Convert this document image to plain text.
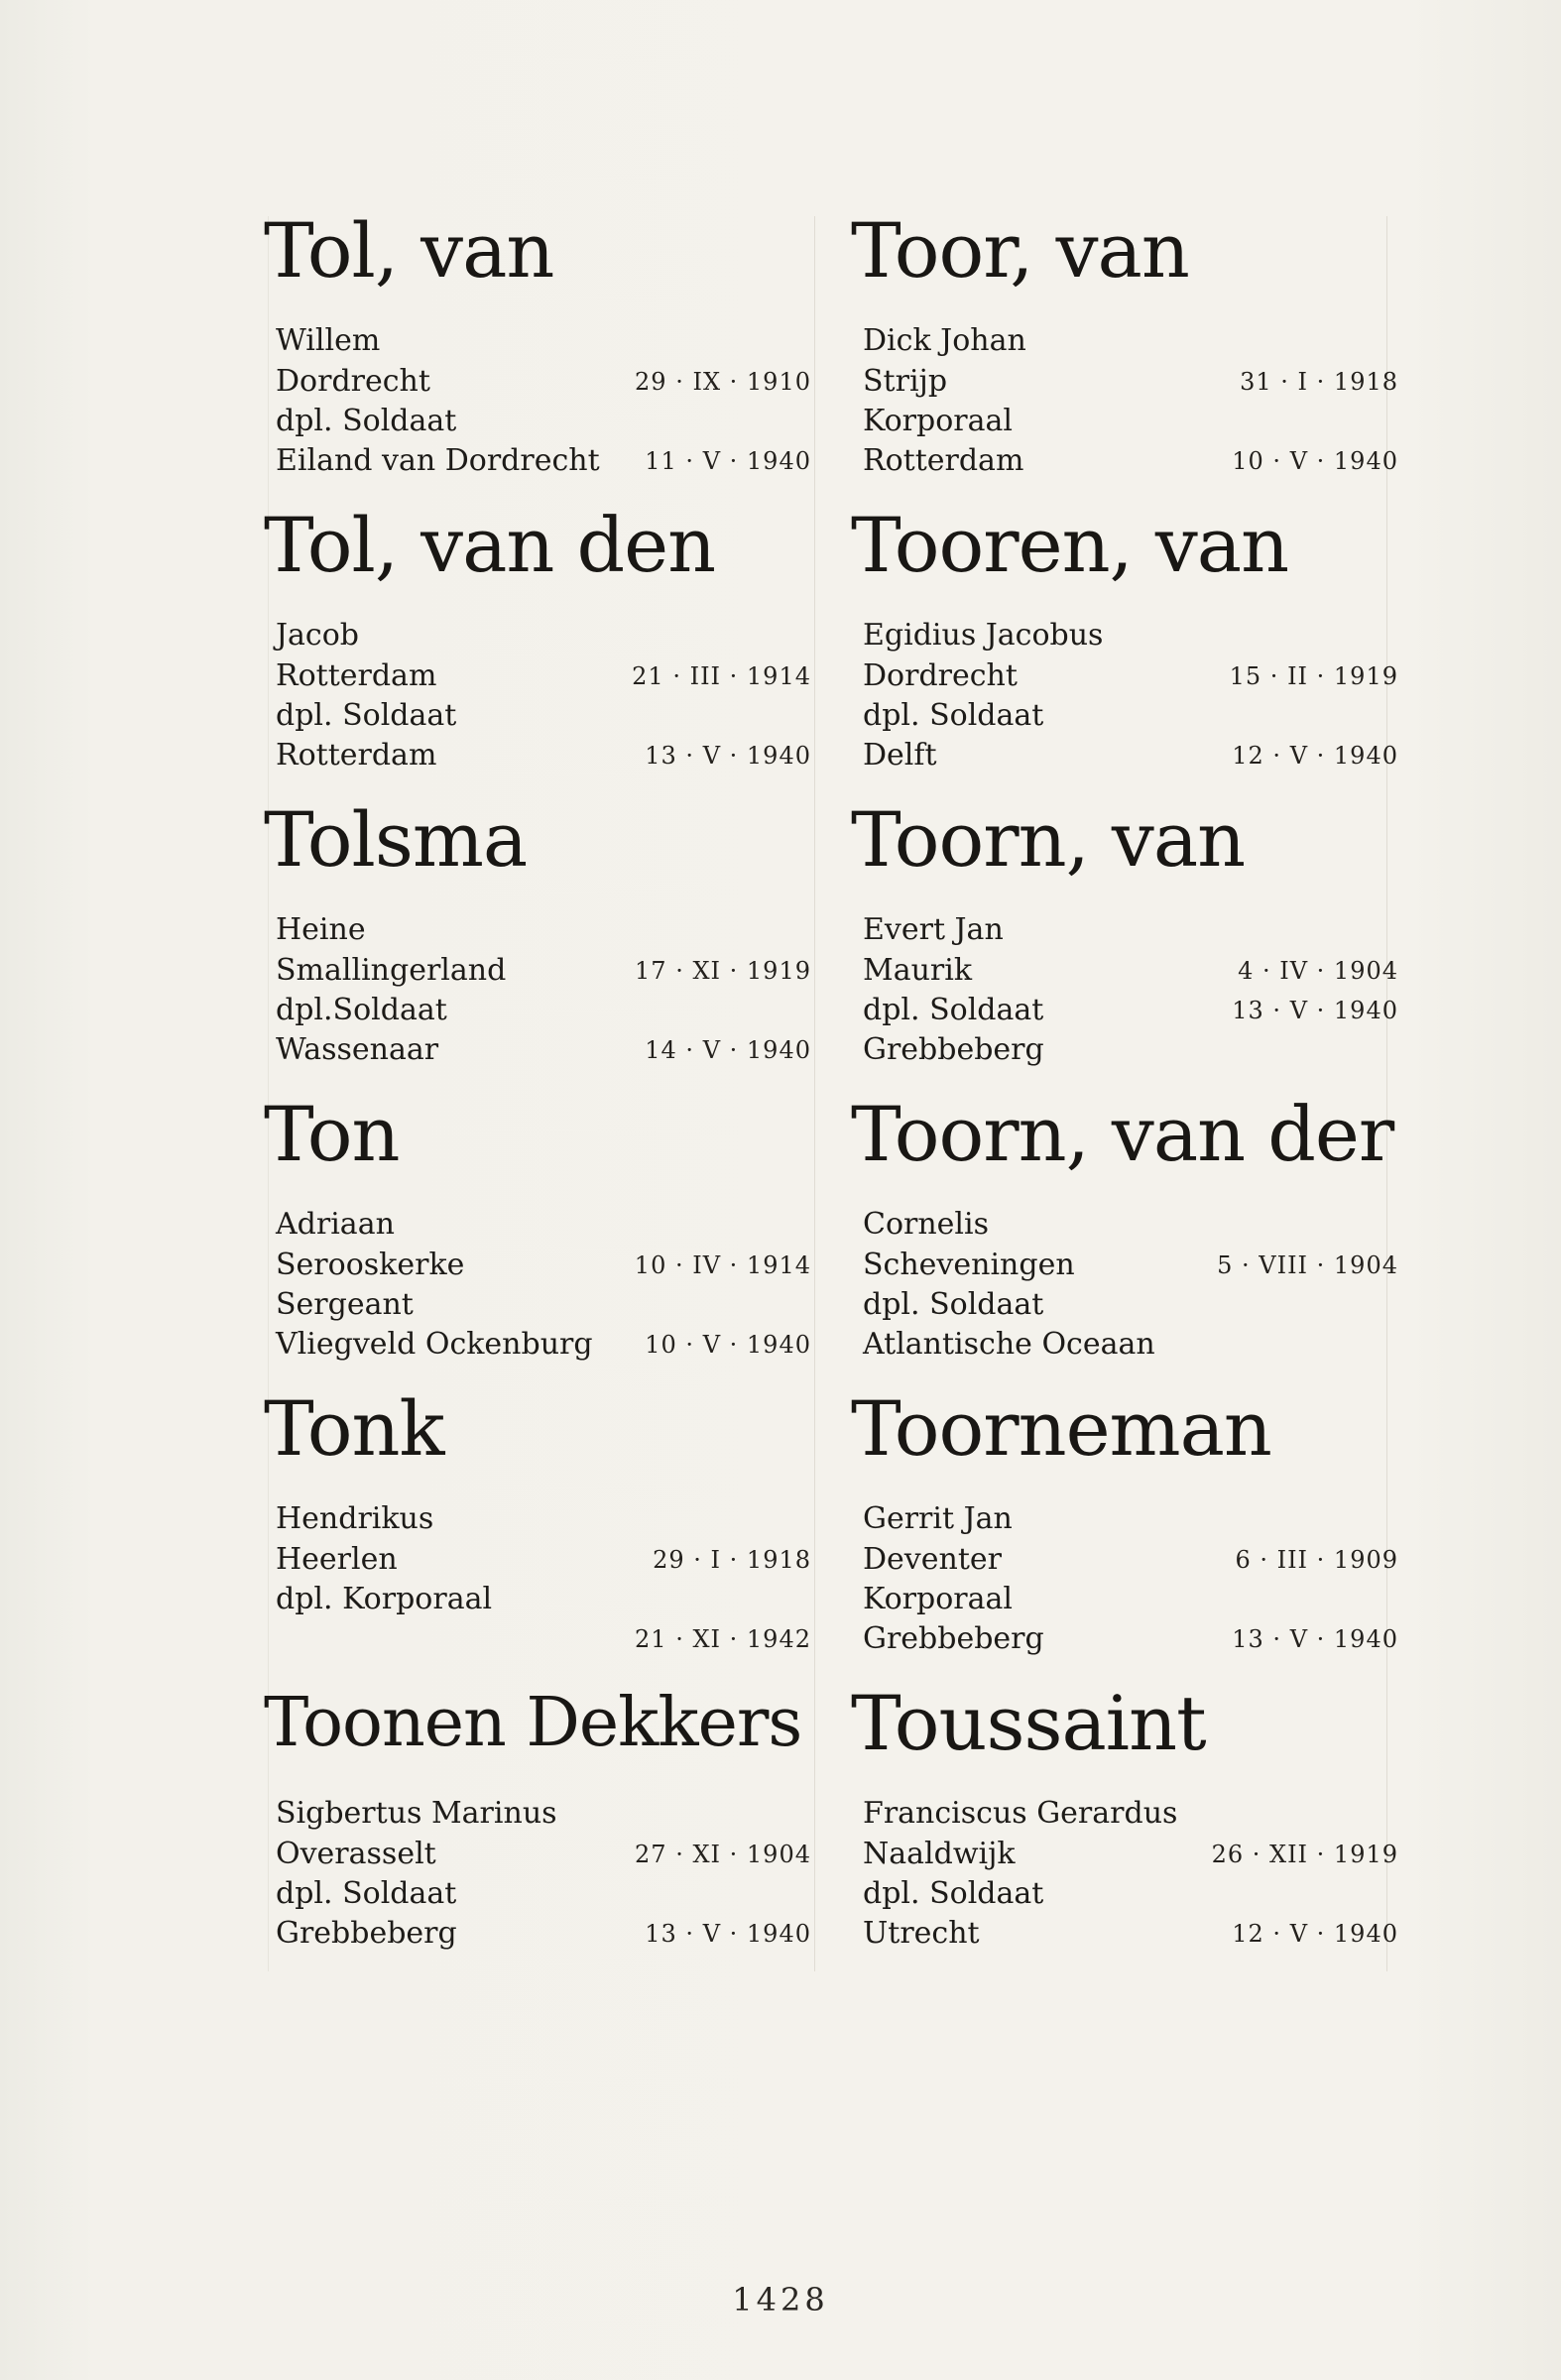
Tol, van
Willem
Dordrecht	29 · IX · 1910
dpl. Soldaat
Eiland van Dordrecht 11 · V · 1940
Tol, van den
Jacob
Rotterdam	21 · III · 1914
dpl. Soldaat
Rotterdam	13 · V · 1940
Tolsma
Heine
Smallingerland	17 · XI · 1919
dpl.Soldaat
Wassenaar	14 · V · 1940
Ton
Adriaan
Serooskerke	10 · IV · 1914
Sergeant
Vliegveld Ockenburg 10 · V · 1940
Tonk
Hendrikus
Heerlen	29 · I · 1918
dpl. Korporaal
21 · XI · 1942
Toonen Dekkers
Sigbertus Marinus
Overasselt	27 · XI · 1904
dpl. Soldaat
Grebbeberg	13 · V · 1940
Toor, van
Dick Johan
Strijp	31 · I · 1918
Korporaal
Rotterdam	10 · V · 1940
Tooren, van
Egidius Jacobus
Dordrecht	15 · II · 1919
dpl. Soldaat
Delft	12 · V · 1940
Toorn, van
Evert Jan
Maurik	4 · IV · 1904
dpl. Soldaat	13 · V · 1940
Grebbeberg
Toorn, van der
Cornelis
Scheveningen	5 · VIII · 1904
dpl. Soldaat
Atlantische Oceaan
Toorneman
Gerrit Jan
Deventer	6 · III · 1909
Korporaal
Grebbeberg	13 · V · 1940
Toussaint
Franciscus Gerardus
Naaldwijk	26 · XII · 1919
dpl. Soldaat
Utrecht	12 · V · 1940
1428
